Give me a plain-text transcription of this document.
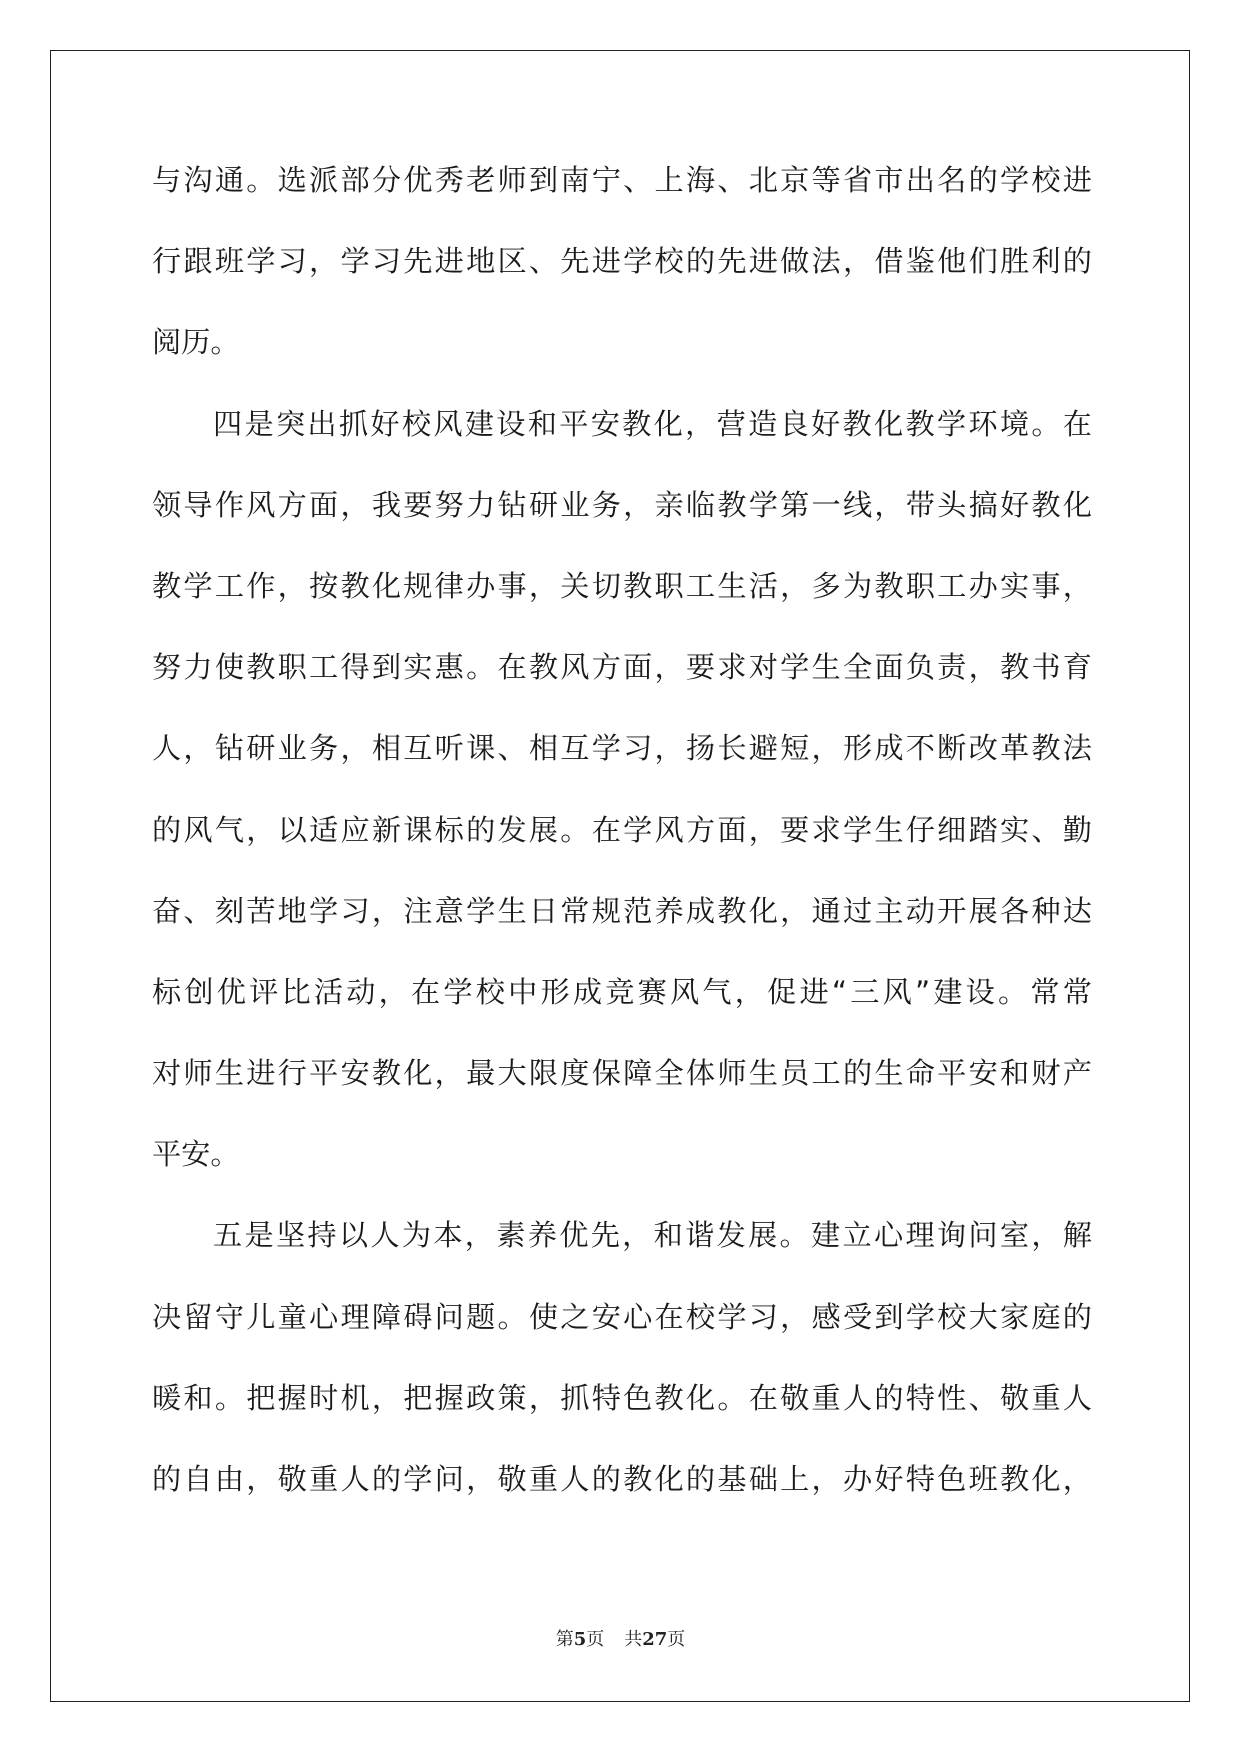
与沟通。选派部分优秀老师到南宁、上海、北京等省市出名的学校进
行跟班学习，学习先进地区、先进学校的先进做法，借鉴他们胜利的
阅历。
四是突出抓好校风建设和平安教化，营造良好教化教学环境。在
领导作风方面，我要努力钻研业务，亲临教学第一线，带头搞好教化
教学工作，按教化规律办事，关切教职工生活，多为教职工办实事，
努力使教职工得到实惠。在教风方面，要求对学生全面负责，教书育
人，钻研业务，相互听课、相互学习，扬长避短，形成不断改革教法
的风气，以适应新课标的发展。在学风方面，要求学生仔细踏实、勤
奋、刻苦地学习，注意学生日常规范养成教化，通过主动开展各种达
标创优评比活动，在学校中形成竞赛风气，促进“三风”建设。常常
对师生进行平安教化，最大限度保障全体师生员工的生命平安和财产
平安。
五是坚持以人为本，素养优先，和谐发展。建立心理询问室，解
决留守儿童心理障碍问题。使之安心在校学习，感受到学校大家庭的
暖和。把握时机，把握政策，抓特色教化。在敬重人的特性、敬重人
的自由，敬重人的学问，敬重人的教化的基础上，办好特色班教化，
第5页 共27页
